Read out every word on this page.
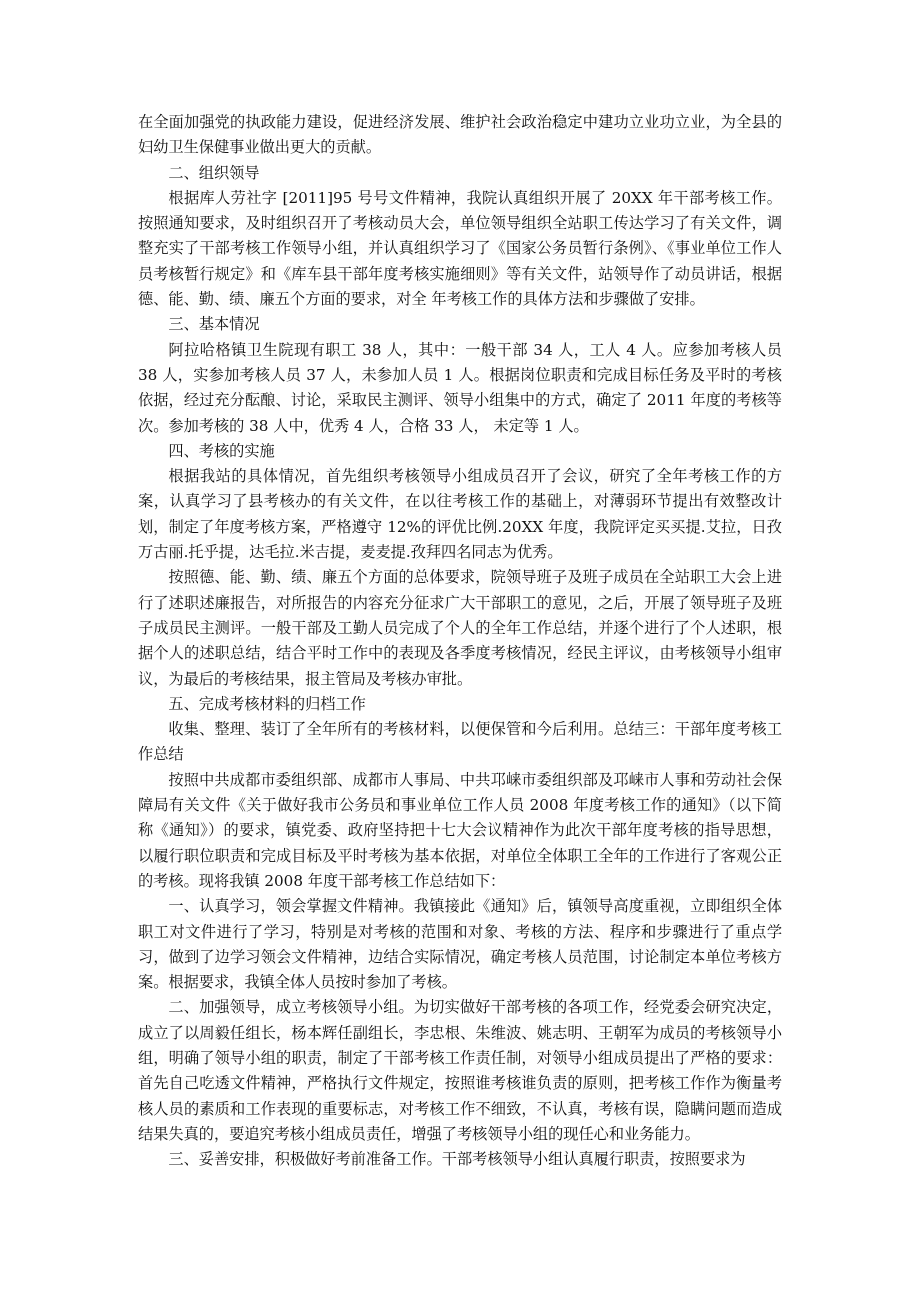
在全面加强党的执政能力建设，促进经济发展、维护社会政治稳定中建功立业功立业，为全县的妇幼卫生保健事业做出更大的贡献。

二、组织领导

根据库人劳社字 [2011]95 号号文件精神，我院认真组织开展了 20XX 年干部考核工作。按照通知要求，及时组织召开了考核动员大会，单位领导组织全站职工传达学习了有关文件，调整充实了干部考核工作领导小组，并认真组织学习了《国家公务员暂行条例》、《事业单位工作人员考核暂行规定》和《库车县干部年度考核实施细则》等有关文件，站领导作了动员讲话，根据德、能、勤、绩、廉五个方面的要求，对全 年考核工作的具体方法和步骤做了安排。

三、基本情况

阿拉哈格镇卫生院现有职工 38 人，其中：一般干部 34 人，工人 4 人。应参加考核人员 38 人，实参加考核人员 37 人，未参加人员 1 人。根据岗位职责和完成目标任务及平时的考核依据，经过充分酝酿、讨论，采取民主测评、领导小组集中的方式，确定了 2011 年度的考核等次。参加考核的 38 人中，优秀 4 人，合格 33 人， 未定等 1 人。

四、考核的实施

根据我站的具体情况，首先组织考核领导小组成员召开了会议，研究了全年考核工作的方案，认真学习了县考核办的有关文件，在以往考核工作的基础上，对薄弱环节提出有效整改计划，制定了年度考核方案，严格遵守 12%的评优比例.20XX 年度，我院评定买买提.艾拉，日孜万古丽.托乎提，达毛拉.米吉提，麦麦提.孜拜四名同志为优秀。

按照德、能、勤、绩、廉五个方面的总体要求，院领导班子及班子成员在全站职工大会上进行了述职述廉报告，对所报告的内容充分征求广大干部职工的意见，之后，开展了领导班子及班子成员民主测评。一般干部及工勤人员完成了个人的全年工作总结，并逐个进行了个人述职，根据个人的述职总结，结合平时工作中的表现及各季度考核情况，经民主评议，由考核领导小组审议，为最后的考核结果，报主管局及考核办审批。

五、完成考核材料的归档工作

收集、整理、装订了全年所有的考核材料，以便保管和今后利用。总结三：干部年度考核工作总结

按照中共成都市委组织部、成都市人事局、中共邛崃市委组织部及邛崃市人事和劳动社会保障局有关文件《关于做好我市公务员和事业单位工作人员 2008 年度考核工作的通知》（以下简称《通知》）的要求，镇党委、政府坚持把十七大会议精神作为此次干部年度考核的指导思想，以履行职位职责和完成目标及平时考核为基本依据，对单位全体职工全年的工作进行了客观公正的考核。现将我镇 2008 年度干部考核工作总结如下：

一、认真学习，领会掌握文件精神。我镇接此《通知》后，镇领导高度重视，立即组织全体职工对文件进行了学习，特别是对考核的范围和对象、考核的方法、程序和步骤进行了重点学习，做到了边学习领会文件精神，边结合实际情况，确定考核人员范围，讨论制定本单位考核方案。根据要求，我镇全体人员按时参加了考核。

二、加强领导，成立考核领导小组。为切实做好干部考核的各项工作，经党委会研究决定，成立了以周毅任组长，杨本辉任副组长，李忠根、朱维波、姚志明、王朝军为成员的考核领导小组，明确了领导小组的职责，制定了干部考核工作责任制，对领导小组成员提出了严格的要求：首先自己吃透文件精神，严格执行文件规定，按照谁考核谁负责的原则，把考核工作作为衡量考核人员的素质和工作表现的重要标志，对考核工作不细致，不认真，考核有误，隐瞒问题而造成结果失真的，要追究考核小组成员责任，增强了考核领导小组的现任心和业务能力。

三、妥善安排，积极做好考前准备工作。干部考核领导小组认真履行职责，按照要求为
